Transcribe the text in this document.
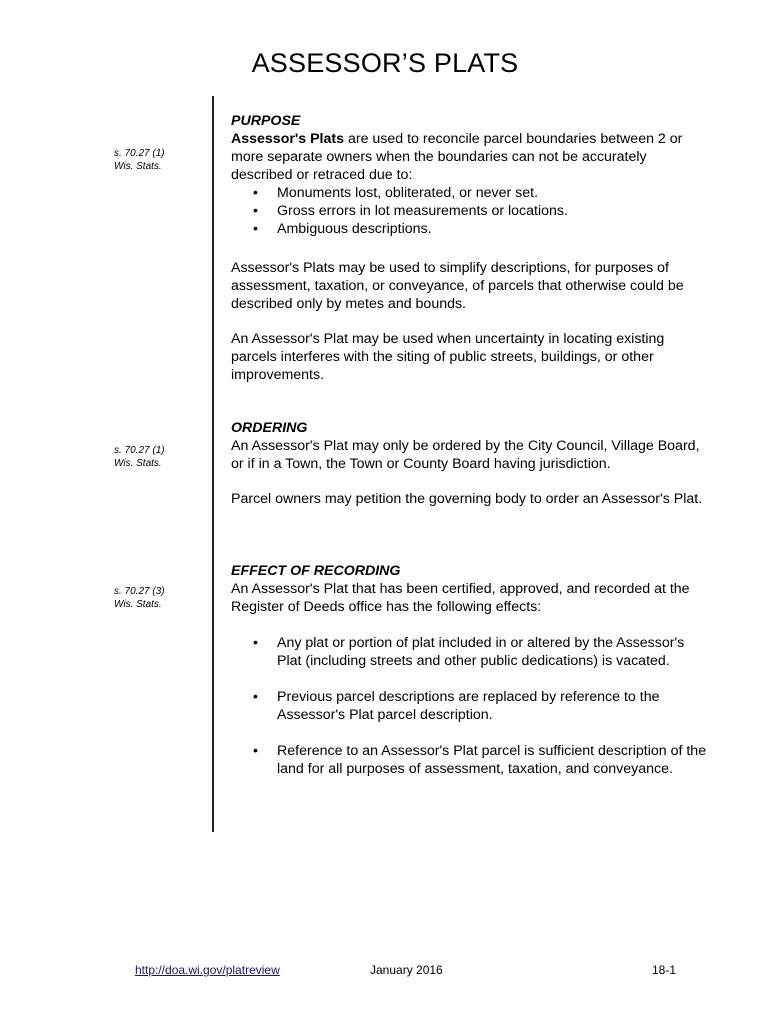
ASSESSOR’S PLATS
s. 70.27 (1)
Wis. Stats.
s. 70.27 (1)
Wis. Stats.
s. 70.27 (3)
Wis. Stats.
PURPOSE

Assessor's Plats are used to reconcile parcel boundaries between 2 or more separate owners when the boundaries can not be accurately described or retraced due to:

• Monuments lost, obliterated, or never set.
• Gross errors in lot measurements or locations.
• Ambiguous descriptions.
Assessor's Plats may be used to simplify descriptions, for purposes of assessment, taxation, or conveyance, of parcels that otherwise could be described only by metes and bounds.
An Assessor's Plat may be used when uncertainty in locating existing parcels interferes with the siting of public streets, buildings, or other improvements.
ORDERING
An Assessor's Plat may only be ordered by the City Council, Village Board, or if in a Town, the Town or County Board having jurisdiction.
Parcel owners may petition the governing body to order an Assessor's Plat.
EFFECT OF RECORDING
An Assessor's Plat that has been certified, approved, and recorded at the Register of Deeds office has the following effects:
• Any plat or portion of plat included in or altered by the Assessor's Plat (including streets and other public dedications) is vacated.
• Previous parcel descriptions are replaced by reference to the Assessor's Plat parcel description.
• Reference to an Assessor's Plat parcel is sufficient description of the land for all purposes of assessment, taxation, and conveyance.
http://doa.wi.gov/platreview	January 2016	18-1
